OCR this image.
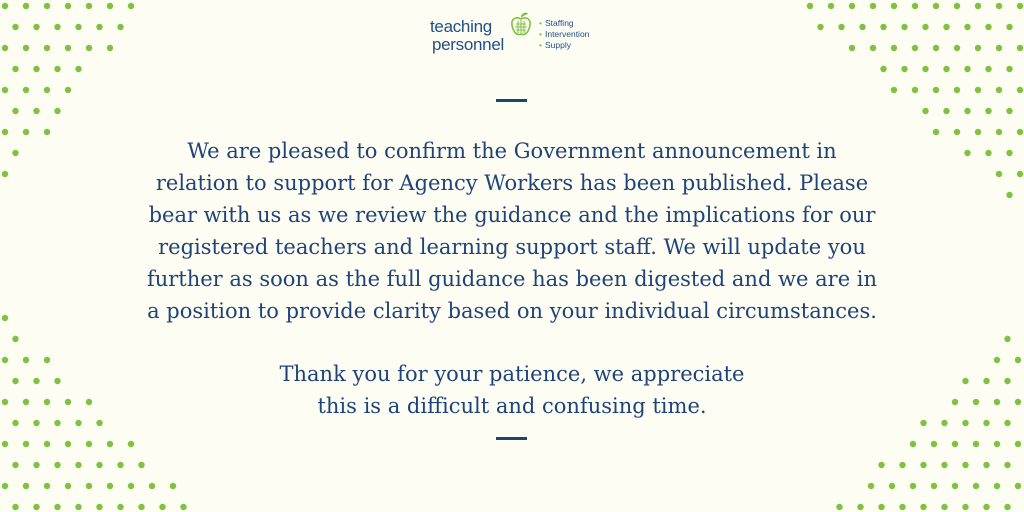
teaching
personnel
• Staffing
• Intervention
• Supply

We are pleased to confirm the Government announcement in
relation to support for Agency Workers has been published. Please
bear with us as we review the guidance and the implications for our
registered teachers and learning support staff. We will update you
further as soon as the full guidance has been digested and we are in
a position to provide clarity based on your individual circumstances.

Thank you for your patience, we appreciate
this is a difficult and confusing time.
